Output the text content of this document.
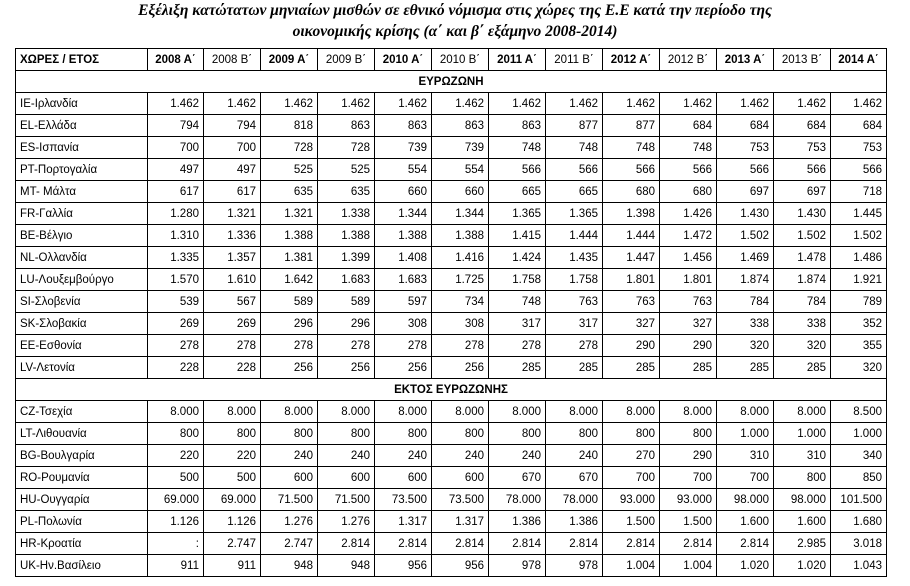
Εξέλιξη κατώτατων μηνιαίων μισθών σε εθνικό νόμισμα στις χώρες της Ε.Ε κατά την περίοδο της
οικονομικής κρίσης (α΄ και β΄ εξάμηνο 2008-2014)
ΧΩΡΕΣ / ΕΤΟΣ	2008 Α΄	2008 Β΄	2009 Α΄	2009 Β΄	2010 Α΄	2010 Β΄	2011 Α΄	2011 Β΄	2012 Α΄	2012 Β΄	2013 Α΄	2013 Β΄	2014 Α΄
ΕΥΡΩΖΩΝΗ													
IE-Ιρλανδία	1.462	1.462	1.462	1.462	1.462	1.462	1.462	1.462	1.462	1.462	1.462	1.462	1.462
EL-Ελλάδα	794	794	818	863	863	863	863	877	877	684	684	684	684
ES-Ισπανία	700	700	728	728	739	739	748	748	748	748	753	753	753
PT-Πορτογαλία	497	497	525	525	554	554	566	566	566	566	566	566	566
MT- Μάλτα	617	617	635	635	660	660	665	665	680	680	697	697	718
FR-Γαλλία	1.280	1.321	1.321	1.338	1.344	1.344	1.365	1.365	1.398	1.426	1.430	1.430	1.445
BE-Βέλγιο	1.310	1.336	1.388	1.388	1.388	1.388	1.415	1.444	1.444	1.472	1.502	1.502	1.502
NL-Ολλανδία	1.335	1.357	1.381	1.399	1.408	1.416	1.424	1.435	1.447	1.456	1.469	1.478	1.486
LU-Λουξεμβούργο	1.570	1.610	1.642	1.683	1.683	1.725	1.758	1.758	1.801	1.801	1.874	1.874	1.921
SI-Σλοβενία	539	567	589	589	597	734	748	763	763	763	784	784	789
SK-Σλοβακία	269	269	296	296	308	308	317	317	327	327	338	338	352
EE-Εσθονία	278	278	278	278	278	278	278	278	290	290	320	320	355
LV-Λετονία	228	228	256	256	256	256	285	285	285	285	285	285	320
ΕΚΤΟΣ ΕΥΡΩΖΩΝΗΣ													
CZ-Τσεχία	8.000	8.000	8.000	8.000	8.000	8.000	8.000	8.000	8.000	8.000	8.000	8.000	8.500
LT-Λιθουανία	800	800	800	800	800	800	800	800	800	800	1.000	1.000	1.000
BG-Βουλγαρία	220	220	240	240	240	240	240	240	270	290	310	310	340
RO-Ρουμανία	500	500	600	600	600	600	670	670	700	700	700	800	850
HU-Ουγγαρία	69.000	69.000	71.500	71.500	73.500	73.500	78.000	78.000	93.000	93.000	98.000	98.000	101.500
PL-Πολωνία	1.126	1.126	1.276	1.276	1.317	1.317	1.386	1.386	1.500	1.500	1.600	1.600	1.680
HR-Κροατία	:	2.747	2.747	2.814	2.814	2.814	2.814	2.814	2.814	2.814	2.814	2.985	3.018
UK-Ην.Βασίλειο	911	911	948	948	956	956	978	978	1.004	1.004	1.020	1.020	1.043
